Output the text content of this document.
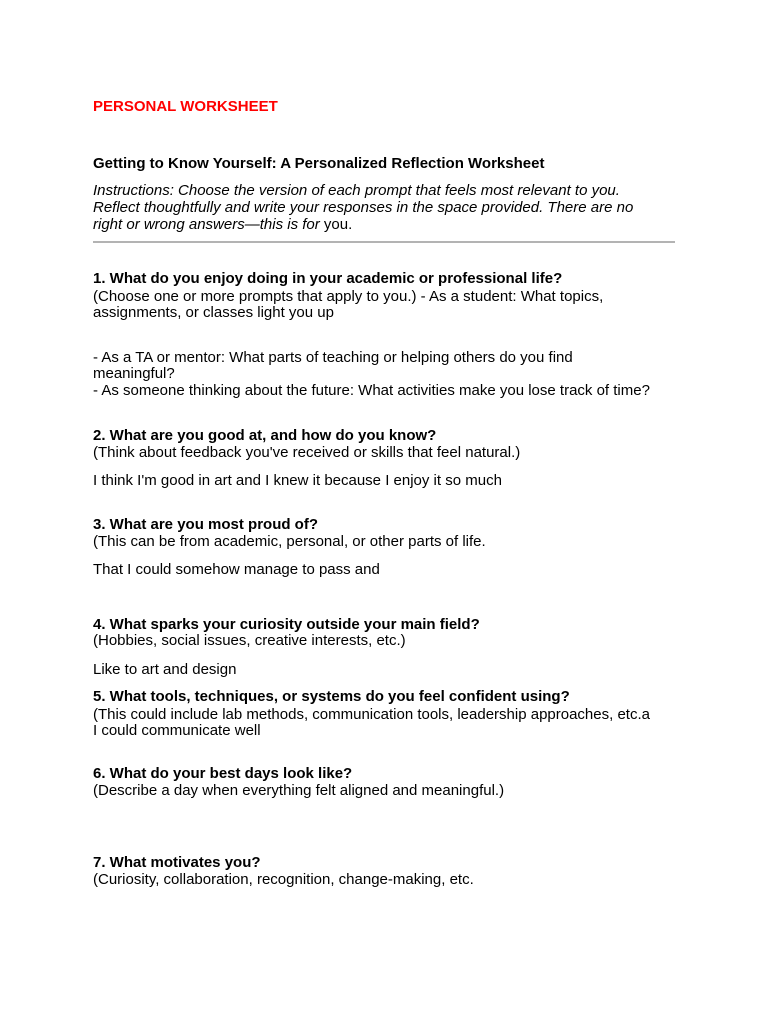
PERSONAL WORKSHEET

Getting to Know Yourself: A Personalized Reflection Worksheet

Instructions: Choose the version of each prompt that feels most relevant to you.

Reflect thoughtfully and write your responses in the space provided. There are no

right or wrong answers—this is for you.

1. What do you enjoy doing in your academic or professional life?

(Choose one or more prompts that apply to you.) - As a student: What topics,

assignments, or classes light you up

- As a TA or mentor: What parts of teaching or helping others do you find

meaningful?

- As someone thinking about the future: What activities make you lose track of time?

2. What are you good at, and how do you know?

(Think about feedback you've received or skills that feel natural.)

I think I'm good in art and I knew it because I enjoy it so much

3. What are you most proud of?

(This can be from academic, personal, or other parts of life.

That I could somehow manage to pass and

4. What sparks your curiosity outside your main field?

(Hobbies, social issues, creative interests, etc.)

Like to art and design

5. What tools, techniques, or systems do you feel confident using?

(This could include lab methods, communication tools, leadership approaches, etc.a

I could communicate well

6. What do your best days look like?

(Describe a day when everything felt aligned and meaningful.)

7. What motivates you?

(Curiosity, collaboration, recognition, change-making, etc.
